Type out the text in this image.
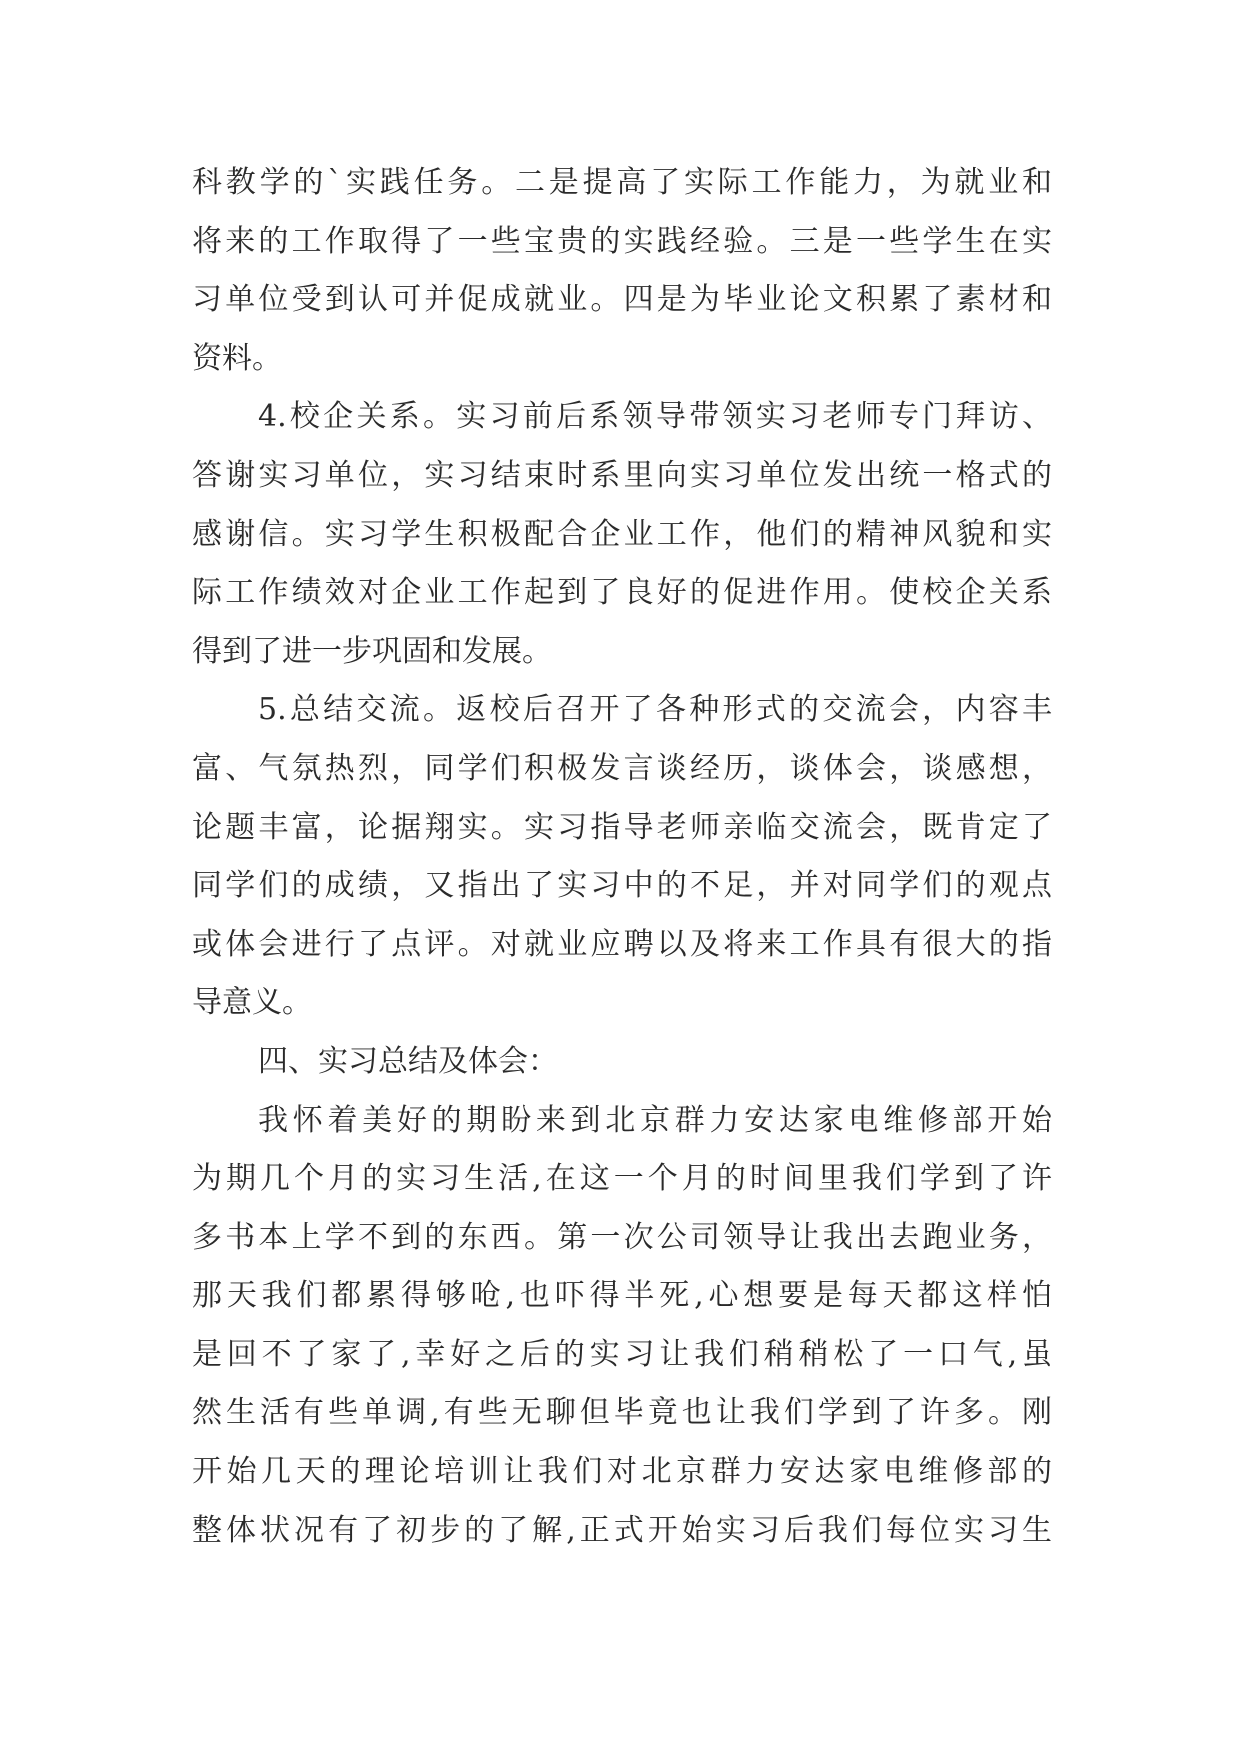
科教学的`实践任务。二是提高了实际工作能力，为就业和
将来的工作取得了一些宝贵的实践经验。三是一些学生在实
习单位受到认可并促成就业。四是为毕业论文积累了素材和
资料。
4.校企关系。实习前后系领导带领实习老师专门拜访、
答谢实习单位，实习结束时系里向实习单位发出统一格式的
感谢信。实习学生积极配合企业工作，他们的精神风貌和实
际工作绩效对企业工作起到了良好的促进作用。使校企关系
得到了进一步巩固和发展。
5.总结交流。返校后召开了各种形式的交流会，内容丰
富、气氛热烈，同学们积极发言谈经历，谈体会，谈感想，
论题丰富，论据翔实。实习指导老师亲临交流会，既肯定了
同学们的成绩，又指出了实习中的不足，并对同学们的观点
或体会进行了点评。对就业应聘以及将来工作具有很大的指
导意义。
四、实习总结及体会：
我怀着美好的期盼来到北京群力安达家电维修部开始
为期几个月的实习生活,在这一个月的时间里我们学到了许
多书本上学不到的东西。第一次公司领导让我出去跑业务，
那天我们都累得够呛,也吓得半死,心想要是每天都这样怕
是回不了家了,幸好之后的实习让我们稍稍松了一口气,虽
然生活有些单调,有些无聊但毕竟也让我们学到了许多。刚
开始几天的理论培训让我们对北京群力安达家电维修部的
整体状况有了初步的了解,正式开始实习后我们每位实习生
